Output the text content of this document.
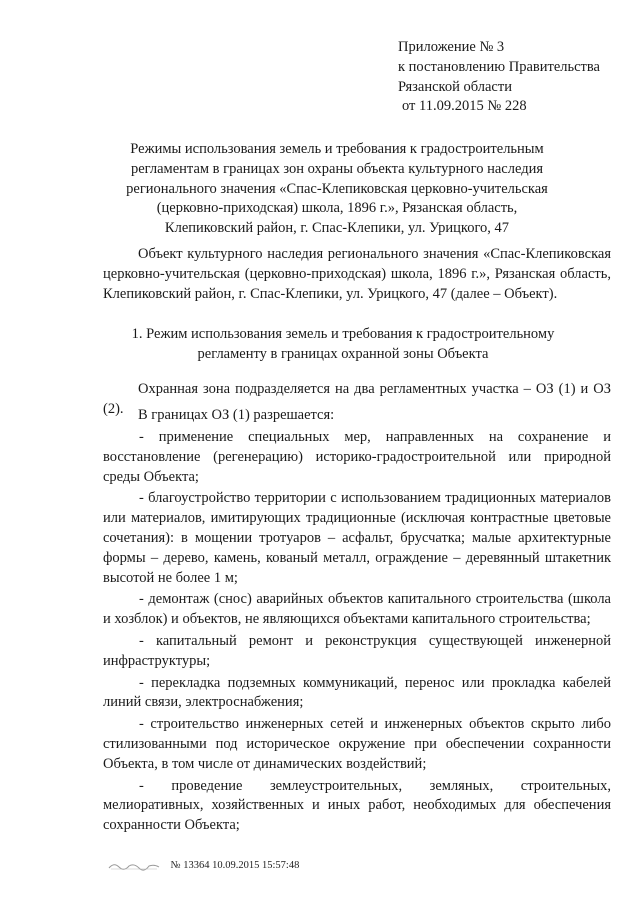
Приложение № 3
к постановлению Правительства
Рязанской области
от 11.09.2015 № 228
Режимы использования земель и требования к градостроительным
регламентам в границах зон охраны объекта культурного наследия
регионального значения «Спас-Клепиковская церковно-учительская
(церковно-приходская) школа, 1896 г.», Рязанская область,
Клепиковский район, г. Спас-Клепики, ул. Урицкого, 47
Объект культурного наследия регионального значения «Спас-Клепиковская церковно-учительская (церковно-приходская) школа, 1896 г.», Рязанская область, Клепиковский район, г. Спас-Клепики, ул. Урицкого, 47 (далее – Объект).
1. Режим использования земель и требования к градостроительному
регламенту в границах охранной зоны Объекта
Охранная зона подразделяется на два регламентных участка – ОЗ (1) и ОЗ (2). В границах ОЗ (1) разрешается:
- применение специальных мер, направленных на сохранение и восстановление (регенерацию) историко-градостроительной или природной среды Объекта;
- благоустройство территории с использованием традиционных материалов или материалов, имитирующих традиционные (исключая контрастные цветовые сочетания): в мощении тротуаров – асфальт, брусчатка; малые архитектурные формы – дерево, камень, кованый металл, ограждение – деревянный штакетник высотой не более 1 м;
- демонтаж (снос) аварийных объектов капитального строительства (школа и хозблок) и объектов, не являющихся объектами капитального строительства;
- капитальный ремонт и реконструкция существующей инженерной инфраструктуры;
- перекладка подземных коммуникаций, перенос или прокладка кабелей линий связи, электроснабжения;
- строительство инженерных сетей и инженерных объектов скрыто либо стилизованными под историческое окружение при обеспечении сохранности Объекта, в том числе от динамических воздействий;
- проведение землеустроительных, земляных, строительных, мелиоративных, хозяйственных и иных работ, необходимых для обеспечения сохранности Объекта;
№ 13364 10.09.2015 15:57:48
